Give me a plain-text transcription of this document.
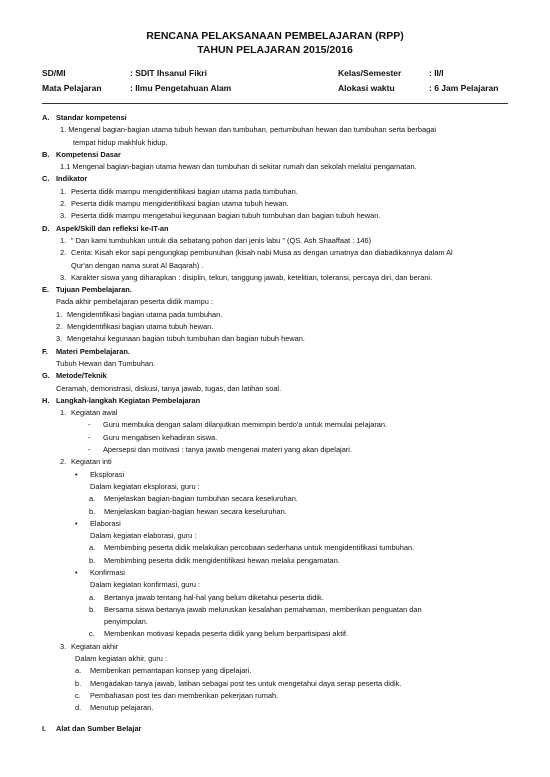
RENCANA PELAKSANAAN PEMBELAJARAN (RPP)
TAHUN PELAJARAN 2015/2016
SD/MI	: SDIT Ihsanul Fikri	Kelas/Semester	: II/I
Mata Pelajaran	: Ilmu Pengetahuan Alam	Alokasi waktu	: 6 Jam Pelajaran
A. Standar kompetensi
1. Mengenal bagian-bagian utama tubuh hewan dan tumbuhan, pertumbuhan hewan dan tumbuhan serta berbagai
tempat hidup makhluk hidup.
B. Kompetensi Dasar
1.1 Mengenal bagian-bagian utama hewan dan tumbuhan di sekitar rumah dan sekolah melalui pengamatan.
C. Indikator
1. Peserta didik mampu mengidentifikasi bagian utama pada tumbuhan.
2. Peserta didik mampu mengidentifikasi bagian utama tubuh hewan.
3. Peserta didik mampu mengetahui kegunaan bagian tubuh tumbuhan dan bagian tubuh hewan.
D. Aspek/Skill dan refleksi ke-IT-an
1. " Dan kami tumbuhkan untuk dia sebatang pohon dari jenis labu " (QS. Ash Shaaffaat : 146)
2. Cerita: Kisah ekor sapi pengungkap pembunuhan (kisah nabi Musa as dengan umatnya dan diabadikannya dalam Al
Qur'an dengan nama surat Al Baqarah) .
3. Karakter siswa yang diharapkan : disiplin, tekun, tanggung jawab, ketelitian, toleransi, percaya diri, dan berani.
E. Tujuan Pembelajaran.
Pada akhir pembelajaran peserta didik mampu :
1. Mengidentifikasi bagian utama pada tumbuhan.
2. Mengidentifikasi bagian utama tubuh hewan.
3. Mengetahui kegunaan bagian tubuh tumbuhan dan bagian tubuh hewan.
F. Materi Pembelajaran.
Tubuh Hewan dan Tumbuhan.
G. Metode/Teknik
Ceramah, demonstrasi, diskusi, tanya jawab, tugas, dan latihan soal.
H. Langkah-langkah Kegiatan Pembelajaran
1. Kegiatan awal
- Guru membuka dengan salam dilanjutkan memimpin berdo'a untuk memulai pelajaran.
- Guru mengabsen kehadiran siswa.
- Apersepsi dan motivasi : tanya jawab mengenai materi yang akan dipelajari.
2. Kegiatan inti
• Eksplorasi
Dalam kegiatan eksplorasi, guru :
a. Menjelaskan bagian-bagian tumbuhan secara keseluruhan.
b. Menjelaskan bagian-bagian hewan secara keseluruhan.
• Elaborasi
Dalam kegiatan elaborasi, guru :
a. Membimbing peserta didik melakukan percobaan sederhana untuk mengidentifikasi tumbuhan.
b. Membimbing peserta didik mengidentifikasi hewan melalui pengamatan.
• Konfirmasi
Dalam kegiatan konfirmasi, guru :
a. Bertanya jawab tentang hal-hal yang belum diketahui peserta didik.
b. Bersama siswa bertanya jawab meluruskan kesalahan pemahaman, memberikan penguatan dan
penyimpulan.
c. Memberikan motivasi kepada peserta didik yang belum berpartisipasi aktif.
3. Kegiatan akhir
Dalam kegiatan akhir, guru :
a. Memberikan pemantapan konsep yang dipelajari.
b. Mengadakan tanya jawab, latihan sebagai post tes untuk mengetahui daya serap peserta didik.
c. Pembahasan post tes dan memberikan pekerjaan rumah.
d. Menutup pelajaran.
I. Alat dan Sumber Belajar
